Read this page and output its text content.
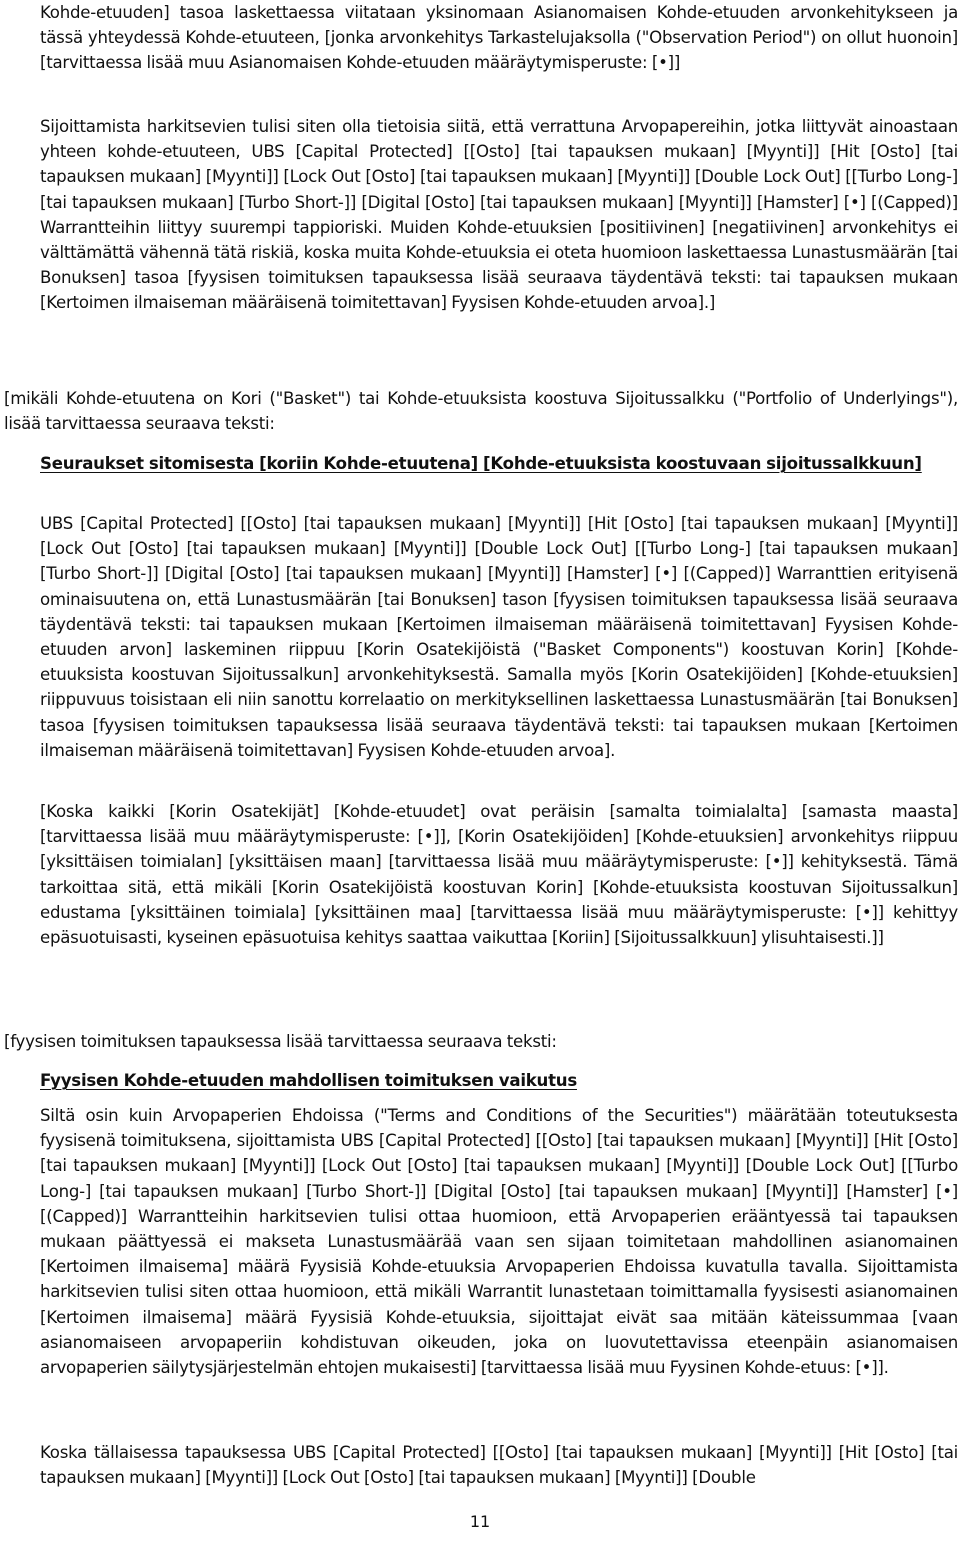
Kohde-etuuden] tasoa laskettaessa viitataan yksinomaan Asianomaisen Kohde-etuuden arvonkehitykseen ja tässä yhteydessä Kohde-etuuteen, [jonka arvonkehitys Tarkastelujaksolla ("Observation Period") on ollut huonoin] [tarvittaessa lisää muu Asianomaisen Kohde-etuuden määräytymisperuste: [•]]
Sijoittamista harkitsevien tulisi siten olla tietoisia siitä, että verrattuna Arvopapereihin, jotka liittyvät ainoastaan yhteen kohde-etuuteen, UBS [Capital Protected] [[Osto] [tai tapauksen mukaan] [Myynti]] [Hit [Osto] [tai tapauksen mukaan] [Myynti]] [Lock Out [Osto] [tai tapauksen mukaan] [Myynti]] [Double Lock Out] [[Turbo Long-] [tai tapauksen mukaan] [Turbo Short-]] [Digital [Osto] [tai tapauksen mukaan] [Myynti]] [Hamster] [•] [(Capped)] Warrantteihin liittyy suurempi tappioriski. Muiden Kohde-etuuksien [positiivinen] [negatiivinen] arvonkehitys ei välttämättä vähennä tätä riskiä, koska muita Kohde-etuuksia ei oteta huomioon laskettaessa Lunastusmäärän [tai Bonuksen] tasoa [fyysisen toimituksen tapauksessa lisää seuraava täydentävä teksti: tai tapauksen mukaan [Kertoimen ilmaiseman määräisenä toimitettavan] Fyysisen Kohde-etuuden arvoa].]
[mikäli Kohde-etuutena on Kori ("Basket") tai Kohde-etuuksista koostuva Sijoitussalkku ("Portfolio of Underlyings"), lisää tarvittaessa seuraava teksti:
Seuraukset sitomisesta [koriin Kohde-etuutena] [Kohde-etuuksista koostuvaan sijoitussalkkuun]
UBS [Capital Protected] [[Osto] [tai tapauksen mukaan] [Myynti]] [Hit [Osto] [tai tapauksen mukaan] [Myynti]] [Lock Out [Osto] [tai tapauksen mukaan] [Myynti]] [Double Lock Out] [[Turbo Long-] [tai tapauksen mukaan] [Turbo Short-]] [Digital [Osto] [tai tapauksen mukaan] [Myynti]] [Hamster] [•] [(Capped)] Warranttien erityisenä ominaisuutena on, että Lunastusmäärän [tai Bonuksen] tason [fyysisen toimituksen tapauksessa lisää seuraava täydentävä teksti: tai tapauksen mukaan [Kertoimen ilmaiseman määräisenä toimitettavan] Fyysisen Kohde-etuuden arvon] laskeminen riippuu [Korin Osatekijöistä ("Basket Components") koostuvan Korin] [Kohde-etuuksista koostuvan Sijoitussalkun] arvonkehityksestä. Samalla myös [Korin Osatekijöiden] [Kohde-etuuksien] riippuvuus toisistaan eli niin sanottu korrelaatio on merkityksellinen laskettaessa Lunastusmäärän [tai Bonuksen] tasoa [fyysisen toimituksen tapauksessa lisää seuraava täydentävä teksti: tai tapauksen mukaan [Kertoimen ilmaiseman määräisenä toimitettavan] Fyysisen Kohde-etuuden arvoa].
[Koska kaikki [Korin Osatekijät] [Kohde-etuudet] ovat peräisin [samalta toimialalta] [samasta maasta] [tarvittaessa lisää muu määräytymisperuste: [•]], [Korin Osatekijöiden] [Kohde-etuuksien] arvonkehitys riippuu [yksittäisen toimialan] [yksittäisen maan] [tarvittaessa lisää muu määräytymisperuste: [•]] kehityksestä. Tämä tarkoittaa sitä, että mikäli [Korin Osatekijöistä koostuvan Korin] [Kohde-etuuksista koostuvan Sijoitussalkun] edustama [yksittäinen toimiala] [yksittäinen maa] [tarvittaessa lisää muu määräytymisperuste: [•]] kehittyy epäsuotuisasti, kyseinen epäsuotuisa kehitys saattaa vaikuttaa [Koriin] [Sijoitussalkkuun] ylisuhtaisesti.]]
[fyysisen toimituksen tapauksessa lisää tarvittaessa seuraava teksti:
Fyysisen Kohde-etuuden mahdollisen toimituksen vaikutus
Siltä osin kuin Arvopaperien Ehdoissa ("Terms and Conditions of the Securities") määrätään toteutuksesta fyysisenä toimituksena, sijoittamista UBS [Capital Protected] [[Osto] [tai tapauksen mukaan] [Myynti]] [Hit [Osto] [tai tapauksen mukaan] [Myynti]] [Lock Out [Osto] [tai tapauksen mukaan] [Myynti]] [Double Lock Out] [[Turbo Long-] [tai tapauksen mukaan] [Turbo Short-]] [Digital [Osto] [tai tapauksen mukaan] [Myynti]] [Hamster] [•] [(Capped)] Warrantteihin harkitsevien tulisi ottaa huomioon, että Arvopaperien erääntyessä tai tapauksen mukaan päättyessä ei makseta Lunastusmäärää vaan sen sijaan toimitetaan mahdollinen asianomainen [Kertoimen ilmaisema] määrä Fyysisiä Kohde-etuuksia Arvopaperien Ehdoissa kuvatulla tavalla. Sijoittamista harkitsevien tulisi siten ottaa huomioon, että mikäli Warrantit lunastetaan toimittamalla fyysisesti asianomainen [Kertoimen ilmaisema] määrä Fyysisiä Kohde-etuuksia, sijoittajat eivät saa mitään käteissummaa [vaan asianomaiseen arvopaperiin kohdistuvan oikeuden, joka on luovutettavissa eteenpäin asianomaisen arvopaperien säilytysjärjestelmän ehtojen mukaisesti] [tarvittaessa lisää muu Fyysinen Kohde-etuus: [•]].
Koska tällaisessa tapauksessa UBS [Capital Protected] [[Osto] [tai tapauksen mukaan] [Myynti]] [Hit [Osto] [tai tapauksen mukaan] [Myynti]] [Lock Out [Osto] [tai tapauksen mukaan] [Myynti]] [Double
11
